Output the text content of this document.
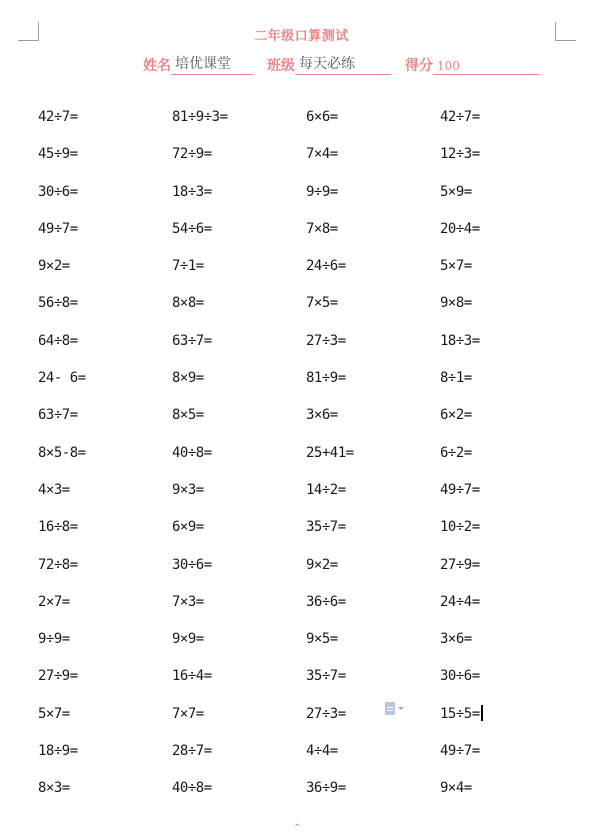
二年级口算测试
姓名 培优课堂	班级 每天必练	得分 100
42÷7=	81÷9÷3=	6×6=	42÷7=
45÷9=	72÷9=	7×4=	12÷3=
30÷6=	18÷3=	9÷9=	5×9=
49÷7=	54÷6=	7×8=	20÷4=
9×2=	7÷1=	24÷6=	5×7=
56÷8=	8×8=	7×5=	9×8=
64÷8=	63÷7=	27÷3=	18÷3=
24- 6=	8×9=	81÷9=	8÷1=
63÷7=	8×5=	3×6=	6×2=
8×5-8=	40÷8=	25+41=	6÷2=
4×3=	9×3=	14÷2=	49÷7=
16÷8=	6×9=	35÷7=	10÷2=
72÷8=	30÷6=	9×2=	27÷9=
2×7=	7×3=	36÷6=	24÷4=
9÷9=	9×9=	9×5=	3×6=
27÷9=	16÷4=	35÷7=	30÷6=
5×7=	7×7=	27÷3=	15÷5=
18÷9=	28÷7=	4÷4=	49÷7=
8×3=	40÷8=	36÷9=	9×4=
^
